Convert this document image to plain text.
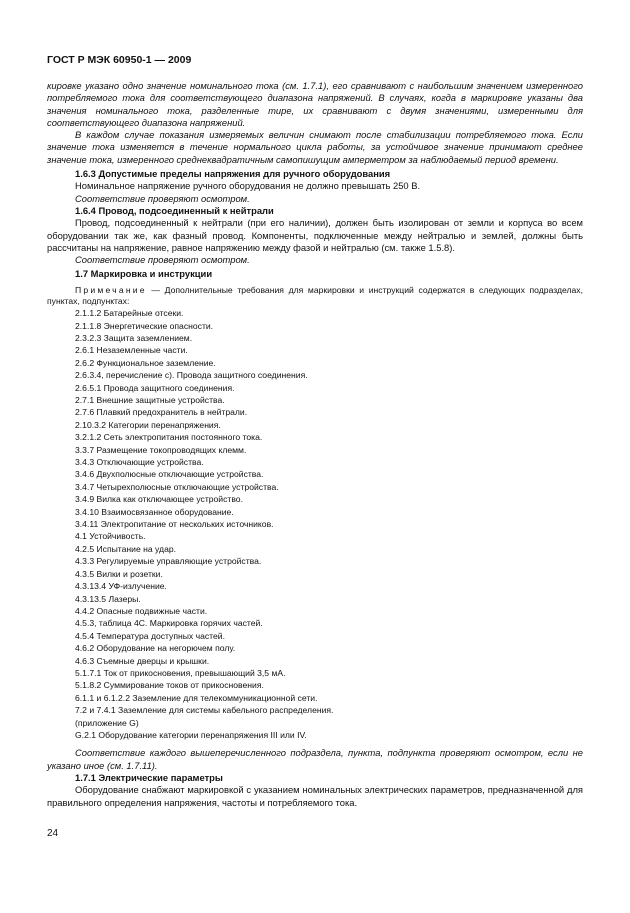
ГОСТ Р МЭК 60950-1 — 2009

кировке указано одно значение номинального тока (см. 1.7.1), его сравнивают с наибольшим значением измеренного потребляемого тока для соответствующего диапазона напряжений. В случаях, когда в маркировке указаны два значения номинального тока, разделенные тире, их сравнивают с двумя значениями, измеренными для соответствующего диапазона напряжений.

В каждом случае показания измеряемых величин снимают после стабилизации потребляемого тока. Если значение тока изменяется в течение нормального цикла работы, за устойчивое значение принимают среднее значение тока, измеренного среднеквадратичным самопишущим амперметром за наблюдаемый период времени.

1.6.3 Допустимые пределы напряжения для ручного оборудования

Номинальное напряжение ручного оборудования не должно превышать 250 В.

Соответствие проверяют осмотром.

1.6.4 Провод, подсоединенный к нейтрали

Провод, подсоединенный к нейтрали (при его наличии), должен быть изолирован от земли и корпуса во всем оборудовании так же, как фазный провод. Компоненты, подключенные между нейтралью и землей, должны быть рассчитаны на напряжение, равное напряжению между фазой и нейтралью (см. также 1.5.8).

Соответствие проверяют осмотром.

1.7 Маркировка и инструкции

Примечание — Дополнительные требования для маркировки и инструкций содержатся в следующих подразделах, пунктах, подпунктах:

2.1.1.2 Батарейные отсеки.
2.1.1.8 Энергетические опасности.
2.3.2.3 Защита заземлением.
2.6.1 Незаземленные части.
2.6.2 Функциональное заземление.
2.6.3.4, перечисление с). Провода защитного соединения.
2.6.5.1 Провода защитного соединения.
2.7.1 Внешние защитные устройства.
2.7.6 Плавкий предохранитель в нейтрали.
2.10.3.2 Категории перенапряжения.
3.2.1.2 Сеть электропитания постоянного тока.
3.3.7 Размещение токопроводящих клемм.
3.4.3 Отключающие устройства.
3.4.6 Двухполюсные отключающие устройства.
3.4.7 Четырехполюсные отключающие устройства.
3.4.9 Вилка как отключающее устройство.
3.4.10 Взаимосвязанное оборудование.
3.4.11 Электропитание от нескольких источников.
4.1 Устойчивость.
4.2.5 Испытание на удар.
4.3.3 Регулируемые управляющие устройства.
4.3.5 Вилки и розетки.
4.3.13.4 УФ-излучение.
4.3.13.5 Лазеры.
4.4.2 Опасные подвижные части.
4.5.3, таблица 4С. Маркировка горячих частей.
4.5.4 Температура доступных частей.
4.6.2 Оборудование на негорючем полу.
4.6.3 Съемные дверцы и крышки.
5.1.7.1 Ток от прикосновения, превышающий 3,5 мА.
5.1.8.2 Суммирование токов от прикосновения.
6.1.1 и 6.1.2.2 Заземление для телекоммуникационной сети.
7.2 и 7.4.1 Заземление для системы кабельного распределения.
(приложение G)
G.2.1 Оборудование категории перенапряжения III или IV.

Соответствие каждого вышеперечисленного подраздела, пункта, подпункта проверяют осмотром, если не указано иное (см. 1.7.11).

1.7.1 Электрические параметры

Оборудование снабжают маркировкой с указанием номинальных электрических параметров, предназначенной для правильного определения напряжения, частоты и потребляемого тока.

24
